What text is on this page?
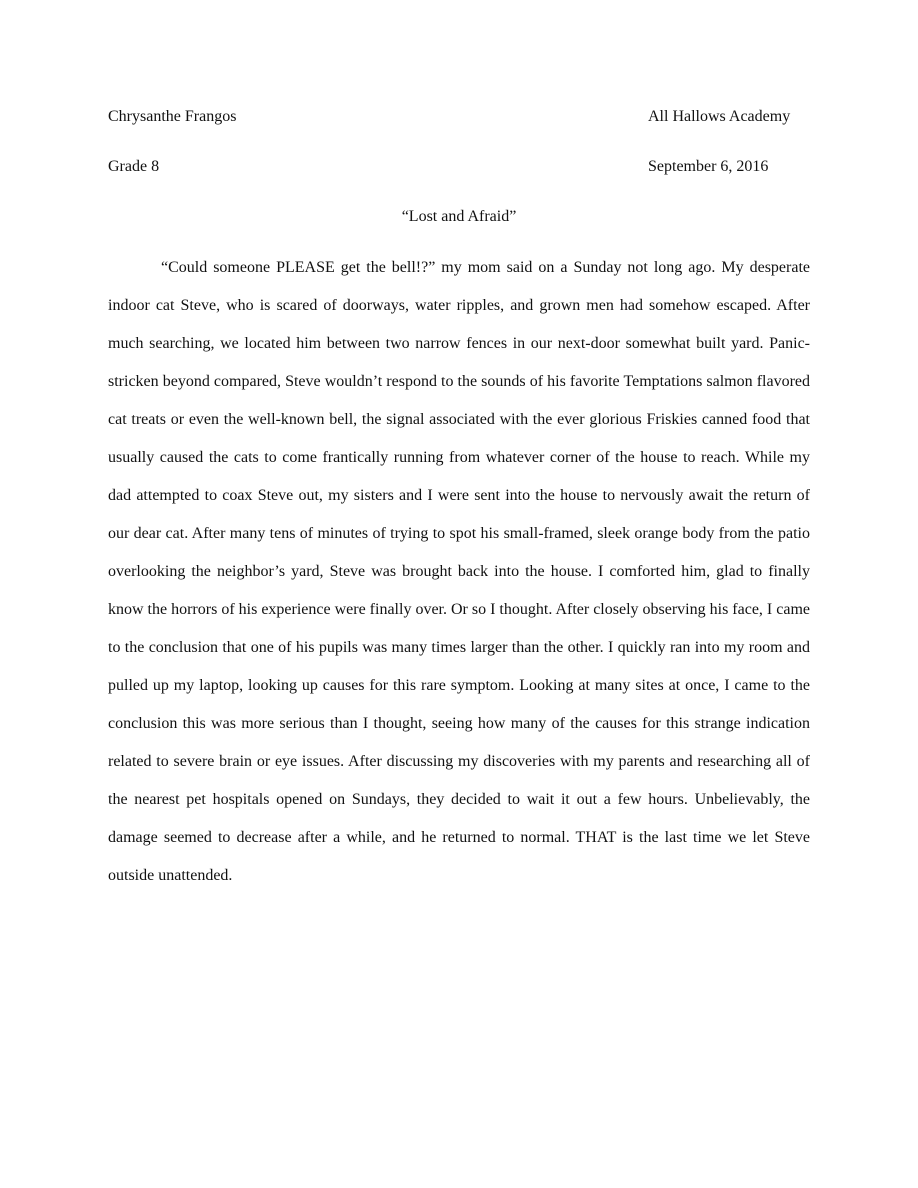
Chrysanthe Frangos	All Hallows Academy
Grade 8	September 6, 2016
“Lost and Afraid”

“Could someone PLEASE get the bell!?” my mom said on a Sunday not long ago. My desperate indoor cat Steve, who is scared of doorways, water ripples, and grown men had somehow escaped. After much searching, we located him between two narrow fences in our next-door somewhat built yard. Panic-stricken beyond compared, Steve wouldn’t respond to the sounds of his favorite Temptations salmon flavored cat treats or even the well-known bell, the signal associated with the ever glorious Friskies canned food that usually caused the cats to come frantically running from whatever corner of the house to reach. While my dad attempted to coax Steve out, my sisters and I were sent into the house to nervously await the return of our dear cat. After many tens of minutes of trying to spot his small-framed, sleek orange body from the patio overlooking the neighbor’s yard, Steve was brought back into the house. I comforted him, glad to finally know the horrors of his experience were finally over. Or so I thought. After closely observing his face, I came to the conclusion that one of his pupils was many times larger than the other. I quickly ran into my room and pulled up my laptop, looking up causes for this rare symptom. Looking at many sites at once, I came to the conclusion this was more serious than I thought, seeing how many of the causes for this strange indication related to severe brain or eye issues. After discussing my discoveries with my parents and researching all of the nearest pet hospitals opened on Sundays, they decided to wait it out a few hours. Unbelievably, the damage seemed to decrease after a while, and he returned to normal. THAT is the last time we let Steve outside unattended.
